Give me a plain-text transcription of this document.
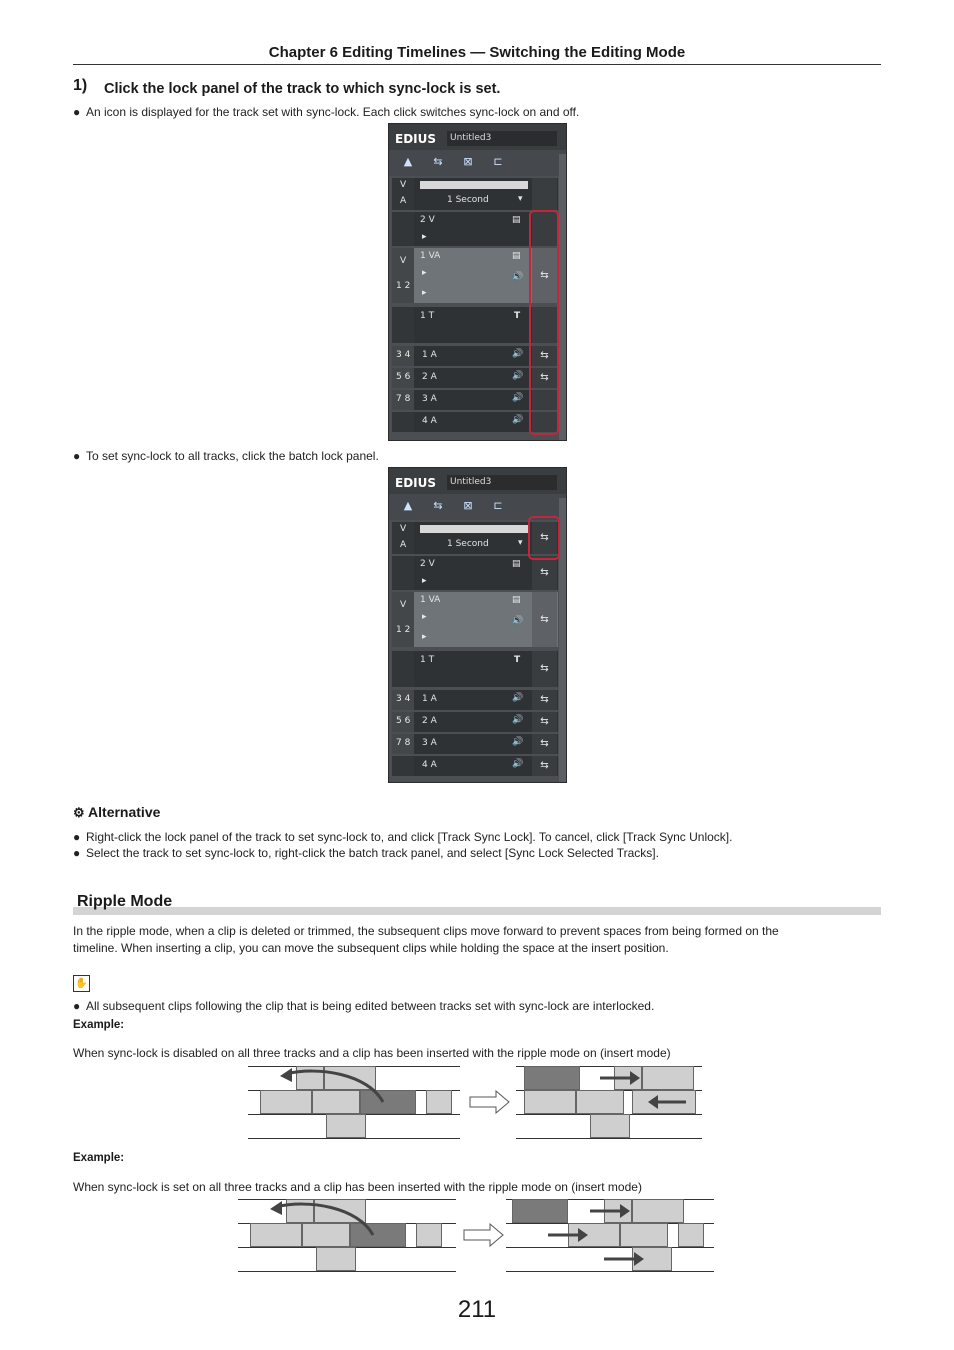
Chapter 6 Editing Timelines — Switching the Editing Mode
1) Click the lock panel of the track to which sync-lock is set.
● An icon is displayed for the track set with sync-lock. Each click switches sync-lock on and off.
EDIUS	Untitled3
▲	⇆	⊠	⊏
V
A	1 Second	▾
2 V	▤
▸
V
1 2
1 VA	▤
🔊
▸
▸
⇆
1 T	T
3 4 1 A	🔊	⇆
5 6 2 A	🔊	⇆
7 8 3 A	🔊
4 A	🔊
● To set sync-lock to all tracks, click the batch lock panel.
EDIUS	Untitled3
▲	⇆	⊠	⊏
V
A	1 Second	▾	⇆
2 V	▤
▸
⇆
V
1 2
1 VA	▤
🔊
▸
▸
⇆
1 T	T
⇆
3 4 1 A	🔊	⇆
5 6 2 A	🔊	⇆
7 8 3 A	🔊	⇆
4 A	🔊	⇆
⚙ Alternative
● Right-click the lock panel of the track to set sync-lock to, and click [Track Sync Lock]. To cancel, click [Track Sync Unlock].
● Select the track to set sync-lock to, right-click the batch track panel, and select [Sync Lock Selected Tracks].
Ripple Mode
In the ripple mode, when a clip is deleted or trimmed, the subsequent clips move forward to prevent spaces from being formed on the
timeline. When inserting a clip, you can move the subsequent clips while holding the space at the insert position.
✋
● All subsequent clips following the clip that is being edited between tracks set with sync-lock are interlocked.
Example:
When sync-lock is disabled on all three tracks and a clip has been inserted with the ripple mode on (insert mode)
Example:
When sync-lock is set on all three tracks and a clip has been inserted with the ripple mode on (insert mode)
211
